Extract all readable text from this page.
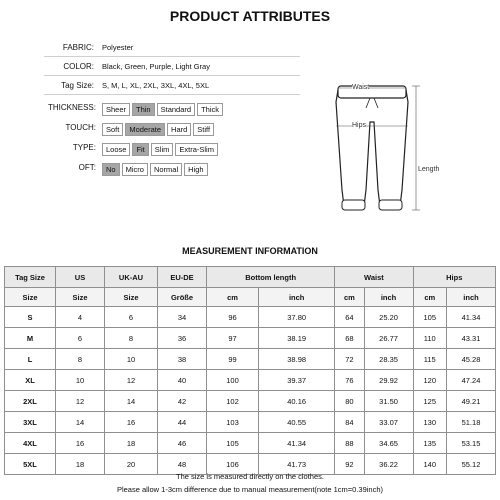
PRODUCT ATTRIBUTES
FABRIC: Polyester
COLOR: Black, Green, Purple, Light Gray
Tag Size: S, M, L, XL, 2XL, 3XL, 4XL, 5XL
THICKNESS:	Sheer Thin Standard Thick
TOUCH:	Soft Moderate Hard Stiff
TYPE:	Loose Fit Slim Extra-Slim
OFT:	No Micro Normal High
Waist
Hips
Length
MEASUREMENT INFORMATION
Tag Size	US	UK-AU	EU-DE	Bottom length		Waist		Hips	
Size	Size	Size	Größe	cm	inch	cm	inch	cm	inch
S	4	6	34	96	37.80	64	25.20	105	41.34
M	6	8	36	97	38.19	68	26.77	110	43.31
L	8	10	38	99	38.98	72	28.35	115	45.28
XL	10	12	40	100	39.37	76	29.92	120	47.24
2XL	12	14	42	102	40.16	80	31.50	125	49.21
3XL	14	16	44	103	40.55	84	33.07	130	51.18
4XL	16	18	46	105	41.34	88	34.65	135	53.15
5XL	18	20	48	106	41.73	92	36.22	140	55.12
The size is measured directly on the clothes.
Please allow 1-3cm difference due to manual measurement(note 1cm=0.39inch)
